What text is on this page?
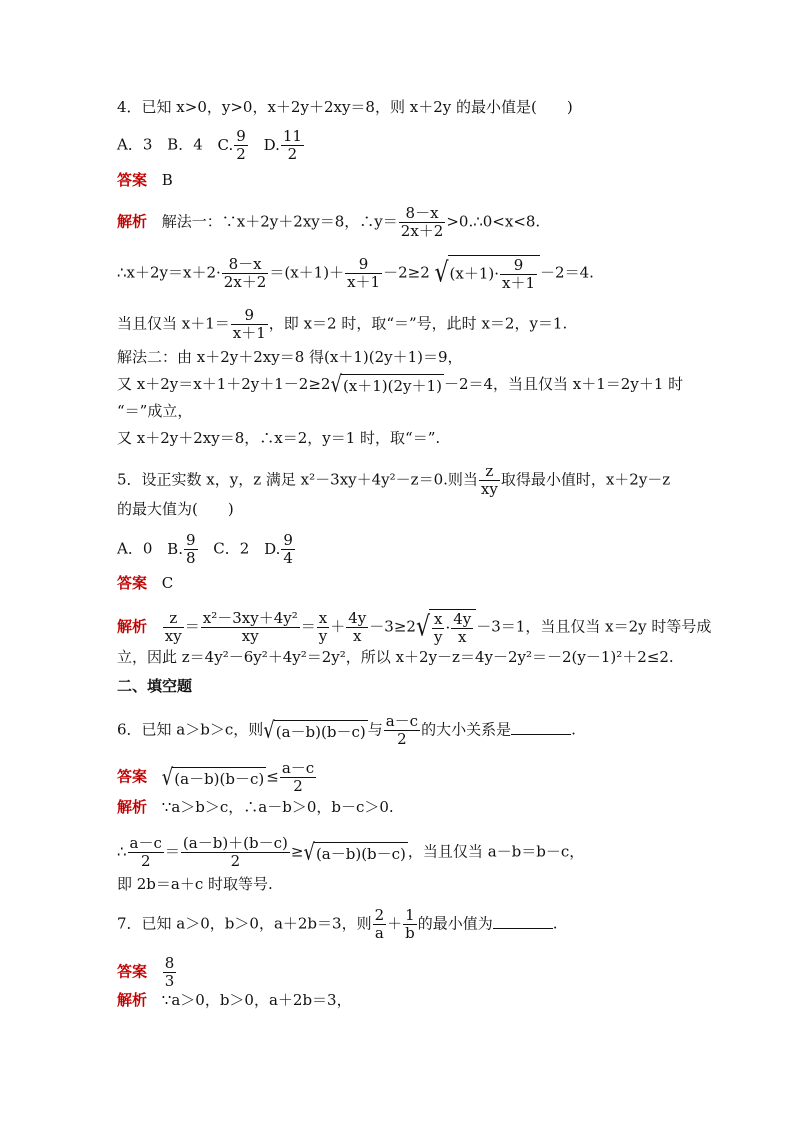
4．已知 x>0，y>0，x＋2y＋2xy＝8，则 x＋2y 的最小值是(　　)
A．3 B．4 C. $\frac{9}{2} D$. $\frac{11}{2}$
答案 B
解析 解法一：∵x＋2y＋2xy＝8，∴y＝ $\frac{8-x}{2x+2}$ >0.∴0<x<8.
∴x＋2y＝x＋2· $\frac{8-x}{2x+2} =(x+1)+ \frac{9}{x+1} -2\ge 2$ $√(x+1)\cdot \frac{9}{x+1} -2=4$.
当且仅当 $x+1= \frac{9}{x+1}$ ，即 x＝2 时，取“＝”号，此时 x＝2，y＝1.
解法二：由 x＋2y＋2xy＝8 得(x＋1)(2y＋1)＝9，
又 x＋2y＝x＋1＋2y＋1－2≥2√(x＋1)(2y＋1) －2＝4，当且仅当 x＋1＝2y＋1 时
“＝”成立，
又 x＋2y＋2xy＝8，∴x＝2，y＝1 时，取“＝”.
5．设正实数 x，y，z 满足 x²－3xy＋4y²－z＝0.则当 $\frac{z}{xy}$ 取得最小值时，x＋2y－z
的最大值为(　　)
A．0 B. $\frac{9}{8}$ C．2 D. $\frac{9}{4}$
答案 C
解析 $\frac{z}{xy} = \frac{\text{x²－3xy＋4y²}}{xy} = \frac{x}{y} + \frac{4y}{x} -3\ge 2√ \frac{x}{y} \cdot \frac{4y}{x} -3=1$，当且仅当 x＝2y 时等号成
立，因此 z＝4y²－6y²＋4y²＝2y²，所以 x＋2y－z＝4y－2y²＝－2(y－1)²＋2≤2.
二、填空题
6．已知 a＞b＞c，则√(a－b)(b－c) 与 $\frac{a-c}{2}$ 的大小关系是	.
答案 $√(a-b)(b-c) \le \frac{a-c}{2}$
解析 ∵a＞b＞c，∴a－b＞0，b－c＞0.
∴ $\frac{a-c}{2} = \frac{(a-b)+(b-c)}{2} \ge√(a-b)(b-c)$ ，当且仅当 a－b＝b－c，
即 2b＝a＋c 时取等号.
7．已知 a＞0，b＞0，a＋2b＝3，则 $\frac{2}{a} + \frac{1}{b}$ 的最小值为	.
答案 $\frac{8}{3}$
解析 ∵a＞0，b＞0，a＋2b＝3，
